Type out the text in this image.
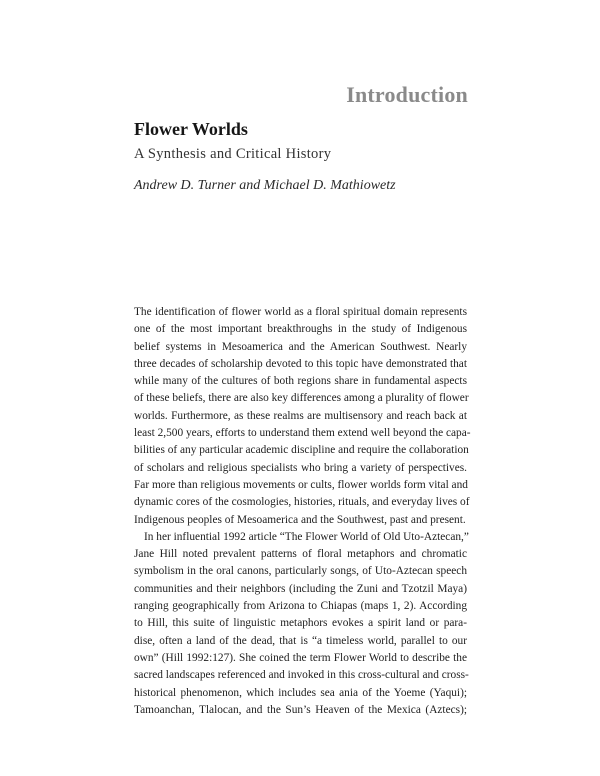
Introduction
Flower Worlds
A Synthesis and Critical History
Andrew D. Turner and Michael D. Mathiowetz
The identification of flower world as a floral spiritual domain represents
one of the most important breakthroughs in the study of Indigenous
belief systems in Mesoamerica and the American Southwest. Nearly
three decades of scholarship devoted to this topic have demonstrated that
while many of the cultures of both regions share in fundamental aspects
of these beliefs, there are also key differences among a plurality of flower
worlds. Furthermore, as these realms are multisensory and reach back at
least 2,500 years, efforts to understand them extend well beyond the capa-
bilities of any particular academic discipline and require the collaboration
of scholars and religious specialists who bring a variety of perspectives.
Far more than religious movements or cults, flower worlds form vital and
dynamic cores of the cosmologies, histories, rituals, and everyday lives of
Indigenous peoples of Mesoamerica and the Southwest, past and present.
In her influential 1992 article “The Flower World of Old Uto-Aztecan,”
Jane Hill noted prevalent patterns of floral metaphors and chromatic
symbolism in the oral canons, particularly songs, of Uto-Aztecan speech
communities and their neighbors (including the Zuni and Tzotzil Maya)
ranging geographically from Arizona to Chiapas (maps 1, 2). According
to Hill, this suite of linguistic metaphors evokes a spirit land or para-
dise, often a land of the dead, that is “a timeless world, parallel to our
own” (Hill 1992:127). She coined the term Flower World to describe the
sacred landscapes referenced and invoked in this cross-cultural and cross-
historical phenomenon, which includes sea ania of the Yoeme (Yaqui);
Tamoanchan, Tlalocan, and the Sun’s Heaven of the Mexica (Aztecs);
